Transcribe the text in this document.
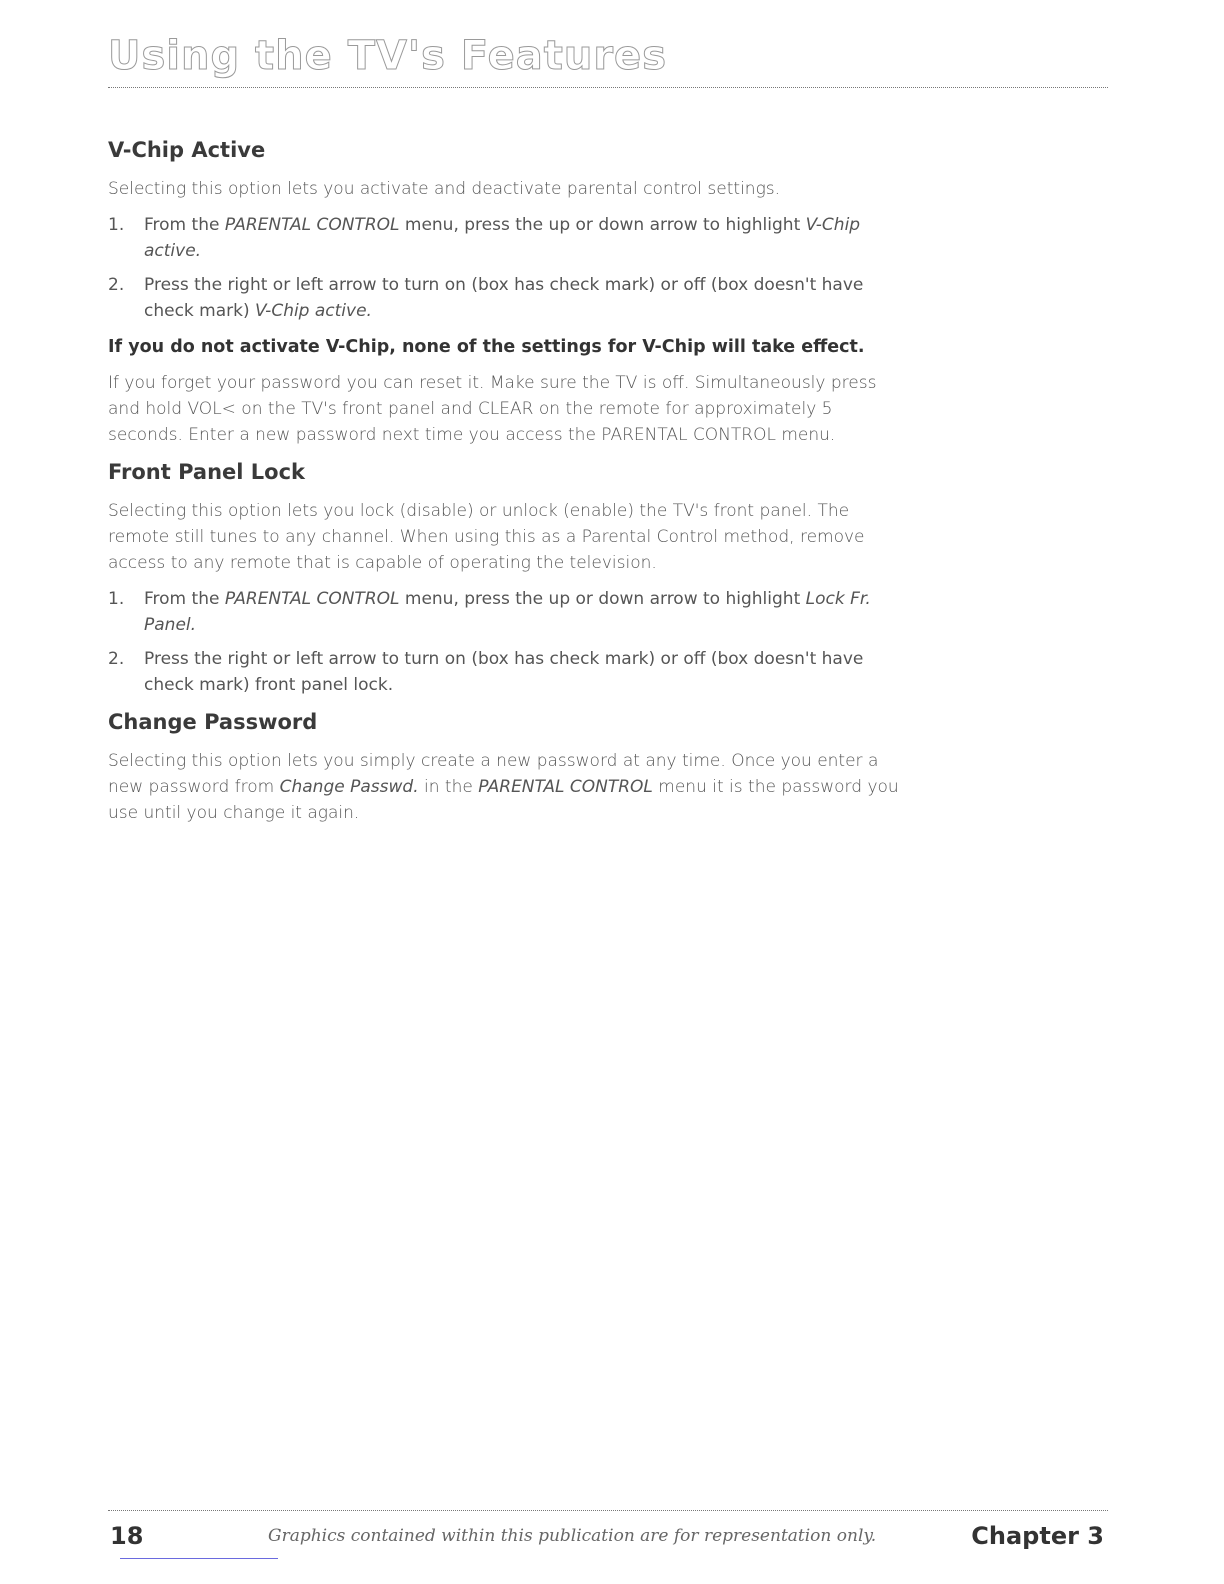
Using the TV's Features
V-Chip Active

Selecting this option lets you activate and deactivate parental control settings.

1.	From the PARENTAL CONTROL menu, press the up or down arrow to highlight V-Chip active.
2.	Press the right or left arrow to turn on (box has check mark) or off (box doesn't have check mark) V-Chip active.

If you do not activate V-Chip, none of the settings for V-Chip will take effect.

If you forget your password you can reset it. Make sure the TV is off. Simultaneously press and hold VOL< on the TV's front panel and CLEAR on the remote for approximately 5 seconds. Enter a new password next time you access the PARENTAL CONTROL menu.

Front Panel Lock

Selecting this option lets you lock (disable) or unlock (enable) the TV's front panel. The remote still tunes to any channel. When using this as a Parental Control method, remove access to any remote that is capable of operating the television.

1.	From the PARENTAL CONTROL menu, press the up or down arrow to highlight Lock Fr. Panel.
2.	Press the right or left arrow to turn on (box has check mark) or off (box doesn't have check mark) front panel lock.
Change Password

Selecting this option lets you simply create a new password at any time. Once you enter a new password from Change Passwd. in the PARENTAL CONTROL menu it is the password you use until you change it again.

18	Graphics contained within this publication are for representation only.	Chapter 3
